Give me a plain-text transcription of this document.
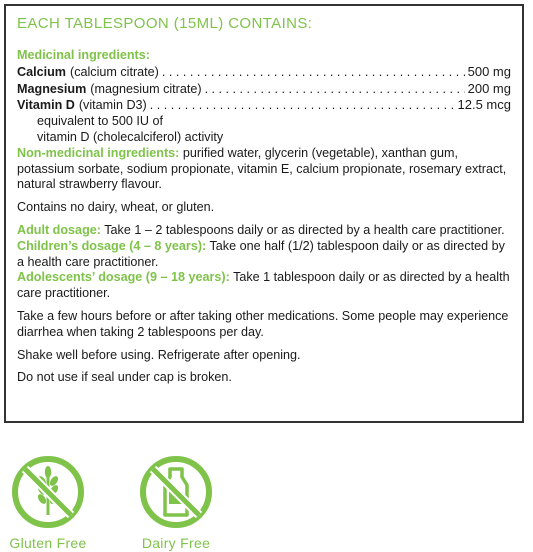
EACH TABLESPOON (15ML) CONTAINS:

Medicinal ingredients:

Calcium (calcium citrate) . . .	500 mg
Magnesium (magnesium citrate) . . .	200 mg
Vitamin D (vitamin D3) . . .	12.5 mcg

equivalent to 500 IU of

vitamin D (cholecalciferol) activity

Non-medicinal ingredients: purified water, glycerin (vegetable), xanthan gum, potassium sorbate, sodium propionate, vitamin E, calcium propionate, rosemary extract, natural strawberry flavour.

Contains no dairy, wheat, or gluten.

Adult dosage: Take 1 – 2 tablespoons daily or as directed by a health care practitioner.

Children’s dosage (4 – 8 years): Take one half (1/2) tablespoon daily or as directed by a health care practitioner.

Adolescents’ dosage (9 – 18 years): Take 1 tablespoon daily or as directed by a health care practitioner.

Take a few hours before or after taking other medications. Some people may experience diarrhea when taking 2 tablespoons per day.

Shake well before using. Refrigerate after opening.

Do not use if seal under cap is broken.

Gluten Free	Dairy Free
